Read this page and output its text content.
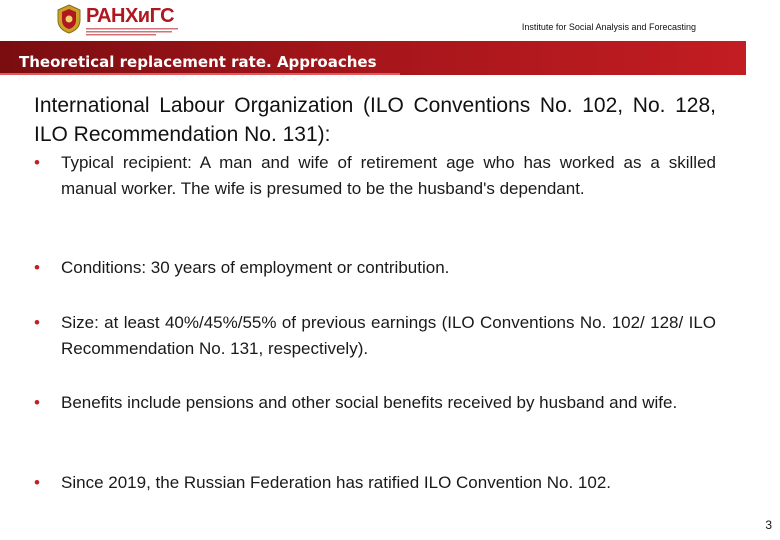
РАНХиГС	Institute for Social Analysis and Forecasting
Theoretical replacement rate. Approaches
International Labour Organization (ILO Conventions No. 102, No. 128, ILO Recommendation No. 131):
• Typical recipient: A man and wife of retirement age who has worked as a skilled manual worker. The wife is presumed to be the husband's dependant.
• Conditions: 30 years of employment or contribution.
• Size: at least 40%/45%/55% of previous earnings (ILO Conventions No. 102/ 128/ ILO Recommendation No. 131, respectively).
• Benefits include pensions and other social benefits received by husband and wife.
• Since 2019, the Russian Federation has ratified ILO Convention No. 102.
3
